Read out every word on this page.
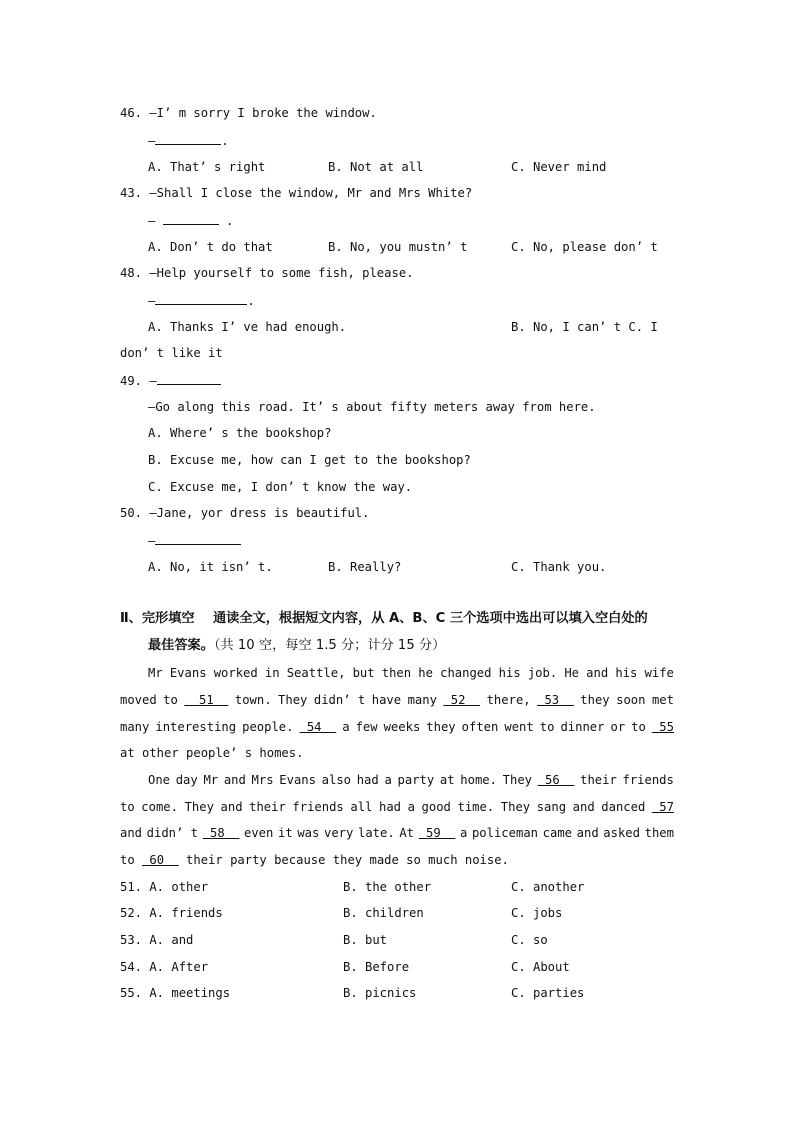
46. —I’ m sorry I broke the window.
—	.
A. That’ s right	B. Not at all	C. Never mind
43. —Shall I close the window, Mr and Mrs White?
—	.
A. Don’ t do that	B. No, you mustn’ t	C. No, please don’ t
48. —Help yourself to some fish, please.
—	.
A. Thanks I’ ve had enough.	B. No, I can’ t C. I
don’ t like it
49. —
—Go along this road. It’ s about fifty meters away from here.
A. Where’ s the bookshop?
B. Excuse me, how can I get to the bookshop?
C. Excuse me, I don’ t know the way.
50. —Jane, yor dress is beautiful.
—
A. No, it isn’ t.	B. Really?	C. Thank you.
Ⅱ、完形填空    通读全文，根据短文内容，从 A、B、C 三个选项中选出可以填入空白处的
最佳答案。（共 10 空，每空 1.5 分；计分 15 分）
Mr Evans worked in Seattle, but then he changed his job. He and his wife
moved to 51 town. They didn’ t have many 52 there, 53 they soon met
many interesting people. 54 a few weeks they often went to dinner or to 55
at other people’ s homes.
One day Mr and Mrs Evans also had a party at home. They 56 their friends
to come. They and their friends all had a good time. They sang and danced 57
and didn’ t 58 even it was very late. At 59 a policeman came and asked them
to  60   their party because they made so much noise.
51. A. other	B. the other	C. another
52. A. friends	B. children	C. jobs
53. A. and	B. but	C. so
54. A. After	B. Before	C. About
55. A. meetings	B. picnics	C. parties
